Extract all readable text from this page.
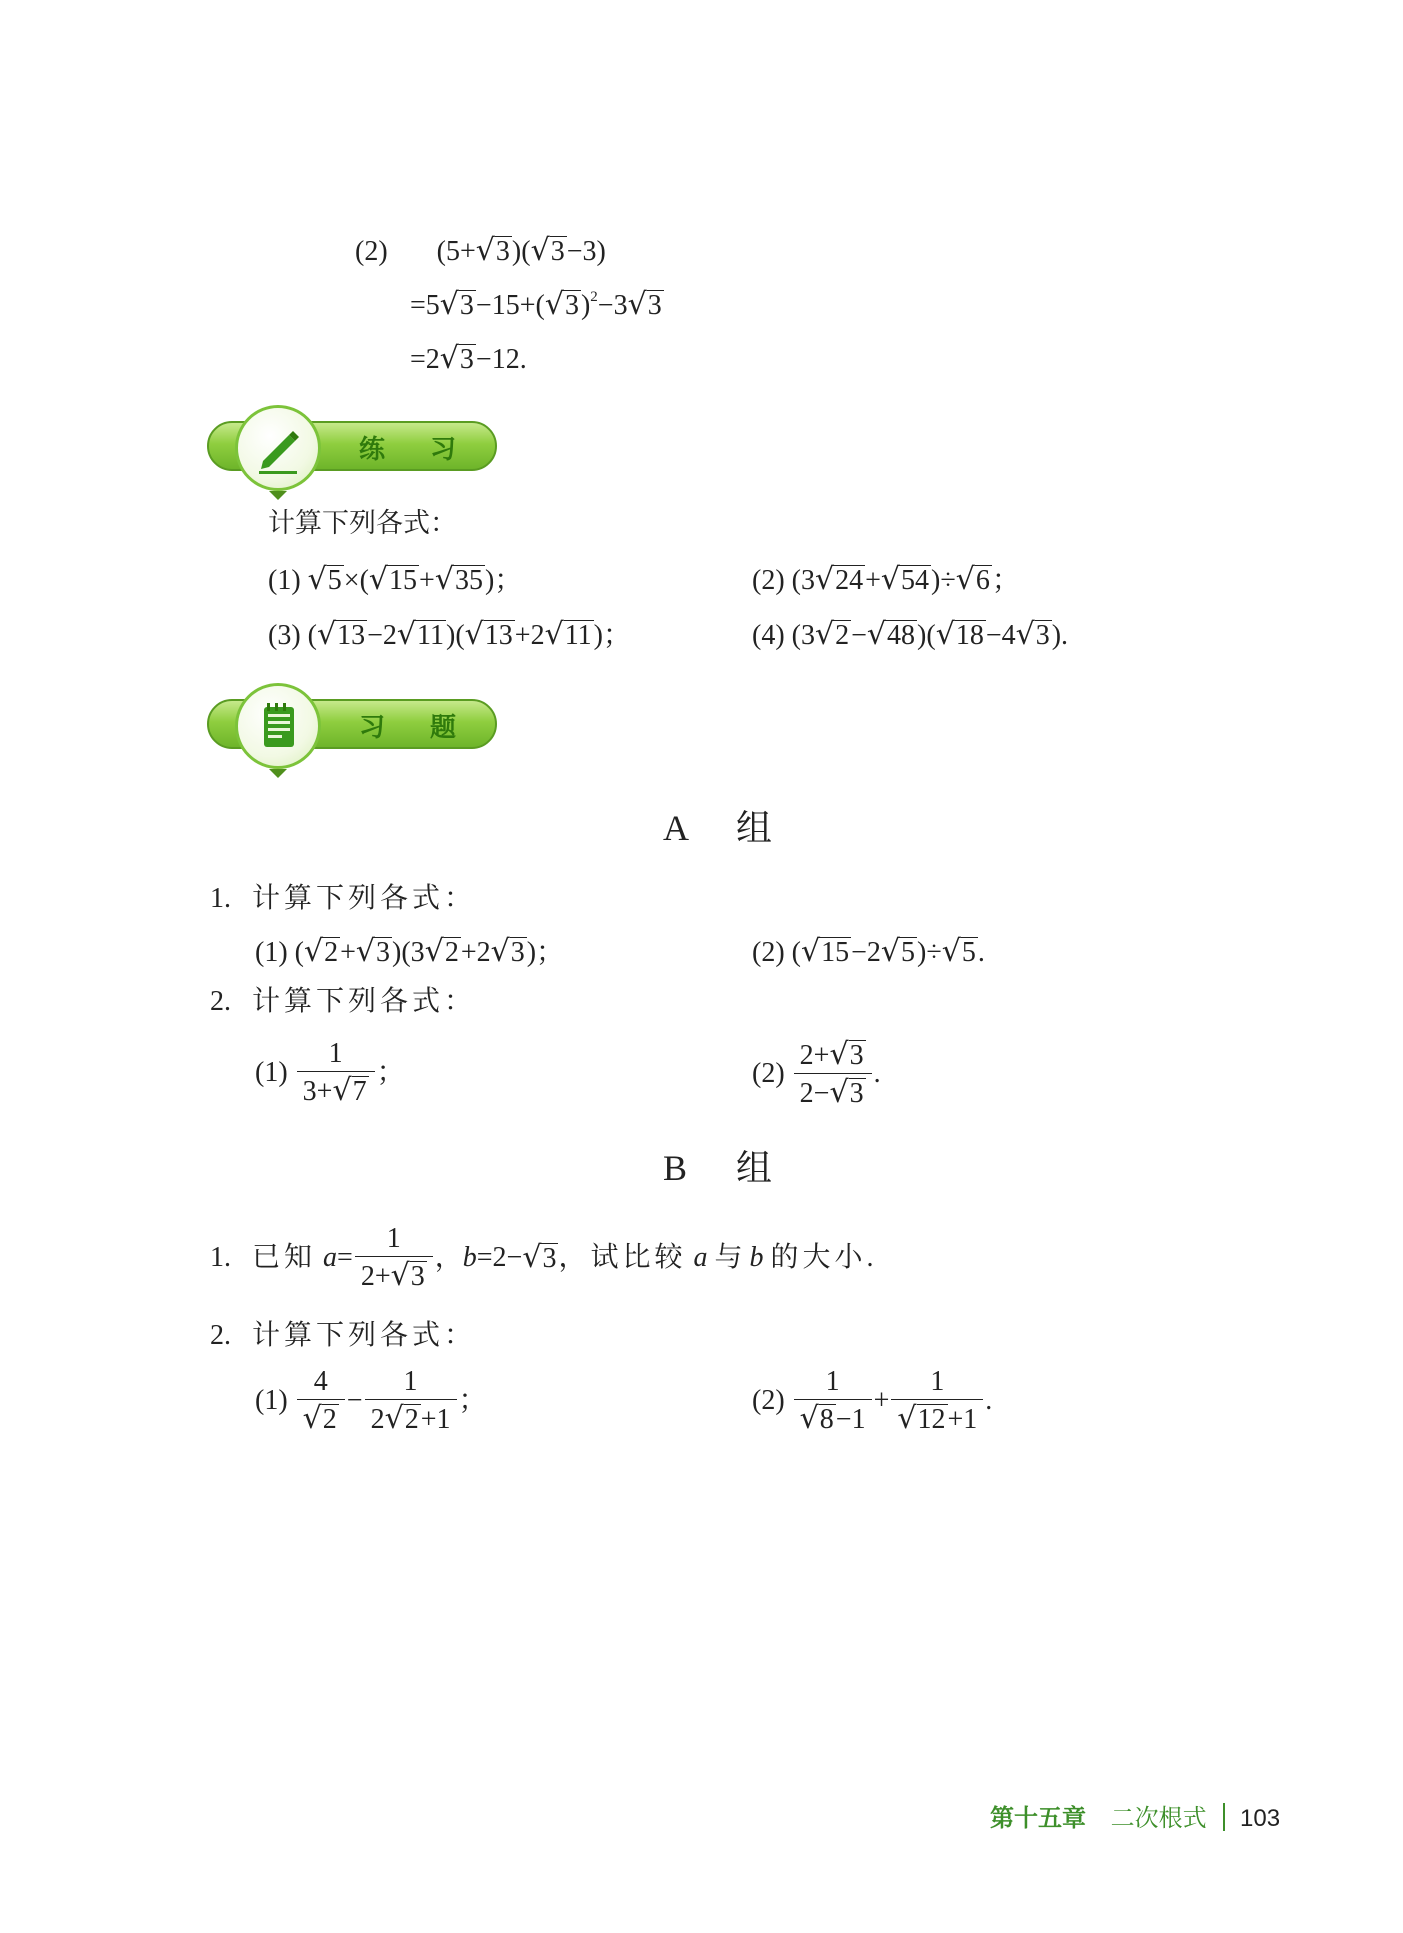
(2) (5+√3)(√3−3)
$=5√3-15+(√3)^2-3√3$
=2√3−12.
练 习
计算下列各式：
(1) √5×(√15+√35)；	(2) (3√24+√54)÷√6；
(3) (√13−2√11)(√13+2√11)；	(4) (3√2−√48)(√18−4√3).
习 题
A 组
1. 计算下列各式：
(1) (√2+√3)(3√2+2√3)；	(2) (√15−2√5)÷√5.
2. 计算下列各式：
$(1) \frac{1}{3+√7}$ ；	$(2) \frac{2+√3}{2-√3}$ .
B 组
1. 已知 $a= \frac{1}{2+√3}$ ，b=2−√3，试比较 a 与 b 的大小.
2. 计算下列各式：
$(1) \frac{4}{√2} - \frac{1}{2√2+1}$ ；	$(2) \frac{1}{√8-1} + \frac{1}{√12+1}$ .
第十五章 二次根式 103
